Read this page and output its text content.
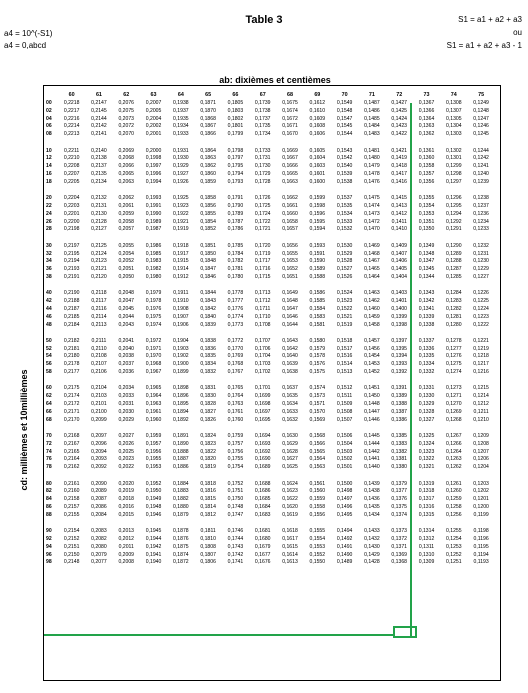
a4 = 10^(-S1)
a4 = 0,abcd
Table 3	S1 = a1 + a2 + a3
ou
S1 = a1 + a2 + a3 - 1
ab: dixièmes et centièmes
cd: millièmes et 10millièmes
60	61	62	63	64	65	66	67	68	69	70	71	72	73	74	75
00	0,2218	0,2147	0,2076	0,2007	0,1938	0,1871	0,1805	0,1739	0,1675	0,1612	0,1549	0,1487	0,1427	0,1367	0,1308	0,1249
02	0,2217	0,2145	0,2075	0,2005	0,1937	0,1870	0,1803	0,1738	0,1674	0,1610	0,1548	0,1486	0,1425	0,1366	0,1307	0,1248
04	0,2216	0,2144	0,2073	0,2004	0,1935	0,1868	0,1802	0,1737	0,1672	0,1609	0,1547	0,1485	0,1424	0,1364	0,1305	0,1247
06	0,2214	0,2142	0,2072	0,2002	0,1934	0,1867	0,1801	0,1735	0,1671	0,1608	0,1545	0,1484	0,1423	0,1363	0,1304	0,1246
08	0,2213	0,2141	0,2070	0,2001	0,1933	0,1866	0,1799	0,1734	0,1670	0,1606	0,1544	0,1483	0,1422	0,1362	0,1303	0,1245
10	0,2211	0,2140	0,2069	0,2000	0,1931	0,1864	0,1798	0,1733	0,1669	0,1605	0,1543	0,1481	0,1421	0,1361	0,1302	0,1244
12	0,2210	0,2138	0,2068	0,1998	0,1930	0,1863	0,1797	0,1731	0,1667	0,1604	0,1542	0,1480	0,1419	0,1360	0,1301	0,1242
14	0,2208	0,2137	0,2066	0,1997	0,1929	0,1862	0,1795	0,1730	0,1666	0,1603	0,1540	0,1479	0,1418	0,1358	0,1299	0,1241
16	0,2207	0,2135	0,2065	0,1996	0,1927	0,1860	0,1794	0,1729	0,1665	0,1601	0,1539	0,1478	0,1417	0,1357	0,1298	0,1240
18	0,2205	0,2134	0,2063	0,1994	0,1926	0,1859	0,1793	0,1728	0,1663	0,1600	0,1538	0,1476	0,1416	0,1356	0,1297	0,1239
20	0,2204	0,2132	0,2062	0,1993	0,1925	0,1858	0,1791	0,1726	0,1662	0,1599	0,1537	0,1475	0,1415	0,1355	0,1296	0,1238
22	0,2203	0,2131	0,2061	0,1991	0,1923	0,1856	0,1790	0,1725	0,1661	0,1598	0,1535	0,1474	0,1413	0,1354	0,1295	0,1237
24	0,2201	0,2130	0,2059	0,1990	0,1922	0,1855	0,1789	0,1724	0,1660	0,1596	0,1534	0,1473	0,1412	0,1353	0,1294	0,1236
26	0,2200	0,2128	0,2058	0,1989	0,1921	0,1854	0,1787	0,1722	0,1658	0,1595	0,1533	0,1472	0,1411	0,1351	0,1292	0,1234
28	0,2198	0,2127	0,2057	0,1987	0,1919	0,1852	0,1786	0,1721	0,1657	0,1594	0,1532	0,1470	0,1410	0,1350	0,1291	0,1233
30	0,2197	0,2125	0,2055	0,1986	0,1918	0,1851	0,1785	0,1720	0,1656	0,1593	0,1530	0,1469	0,1409	0,1349	0,1290	0,1232
32	0,2195	0,2124	0,2054	0,1985	0,1917	0,1850	0,1784	0,1719	0,1655	0,1591	0,1529	0,1468	0,1407	0,1348	0,1289	0,1231
34	0,2194	0,2123	0,2052	0,1983	0,1915	0,1848	0,1782	0,1717	0,1653	0,1590	0,1528	0,1467	0,1406	0,1347	0,1288	0,1230
36	0,2193	0,2121	0,2051	0,1982	0,1914	0,1847	0,1781	0,1716	0,1652	0,1589	0,1527	0,1465	0,1405	0,1345	0,1287	0,1229
38	0,2191	0,2120	0,2050	0,1980	0,1912	0,1846	0,1780	0,1715	0,1651	0,1588	0,1526	0,1464	0,1404	0,1344	0,1285	0,1227
40	0,2190	0,2118	0,2048	0,1979	0,1911	0,1844	0,1778	0,1713	0,1649	0,1586	0,1524	0,1463	0,1403	0,1343	0,1284	0,1226
42	0,2188	0,2117	0,2047	0,1978	0,1910	0,1843	0,1777	0,1712	0,1648	0,1585	0,1523	0,1462	0,1401	0,1342	0,1283	0,1225
44	0,2187	0,2116	0,2045	0,1976	0,1908	0,1842	0,1776	0,1711	0,1647	0,1584	0,1522	0,1460	0,1400	0,1341	0,1282	0,1224
46	0,2185	0,2114	0,2044	0,1975	0,1907	0,1840	0,1774	0,1710	0,1646	0,1583	0,1521	0,1459	0,1399	0,1339	0,1281	0,1223
48	0,2184	0,2113	0,2043	0,1974	0,1906	0,1839	0,1773	0,1708	0,1644	0,1581	0,1519	0,1458	0,1398	0,1338	0,1280	0,1222
50	0,2182	0,2111	0,2041	0,1972	0,1904	0,1838	0,1772	0,1707	0,1643	0,1580	0,1518	0,1457	0,1397	0,1337	0,1278	0,1221
52	0,2181	0,2110	0,2040	0,1971	0,1903	0,1836	0,1770	0,1706	0,1642	0,1579	0,1517	0,1456	0,1395	0,1336	0,1277	0,1219
54	0,2180	0,2108	0,2038	0,1970	0,1902	0,1835	0,1769	0,1704	0,1640	0,1578	0,1516	0,1454	0,1394	0,1335	0,1276	0,1218
56	0,2178	0,2107	0,2037	0,1968	0,1900	0,1834	0,1768	0,1703	0,1639	0,1576	0,1514	0,1453	0,1393	0,1334	0,1275	0,1217
58	0,2177	0,2106	0,2036	0,1967	0,1899	0,1832	0,1767	0,1702	0,1638	0,1575	0,1513	0,1452	0,1392	0,1332	0,1274	0,1216
60	0,2175	0,2104	0,2034	0,1965	0,1898	0,1831	0,1765	0,1701	0,1637	0,1574	0,1512	0,1451	0,1391	0,1331	0,1273	0,1215
62	0,2174	0,2103	0,2033	0,1964	0,1896	0,1830	0,1764	0,1699	0,1635	0,1573	0,1511	0,1450	0,1389	0,1330	0,1271	0,1214
64	0,2172	0,2101	0,2031	0,1963	0,1895	0,1828	0,1763	0,1698	0,1634	0,1571	0,1509	0,1448	0,1388	0,1329	0,1270	0,1212
66	0,2171	0,2100	0,2030	0,1961	0,1894	0,1827	0,1761	0,1697	0,1633	0,1570	0,1508	0,1447	0,1387	0,1328	0,1269	0,1211
68	0,2170	0,2099	0,2029	0,1960	0,1892	0,1826	0,1760	0,1695	0,1632	0,1569	0,1507	0,1446	0,1386	0,1327	0,1268	0,1210
70	0,2168	0,2097	0,2027	0,1959	0,1891	0,1824	0,1759	0,1694	0,1630	0,1568	0,1506	0,1445	0,1385	0,1325	0,1267	0,1209
72	0,2167	0,2096	0,2026	0,1957	0,1890	0,1823	0,1757	0,1693	0,1629	0,1566	0,1504	0,1444	0,1383	0,1324	0,1266	0,1208
74	0,2165	0,2094	0,2025	0,1956	0,1888	0,1822	0,1756	0,1692	0,1628	0,1565	0,1503	0,1442	0,1382	0,1323	0,1264	0,1207
76	0,2164	0,2093	0,2023	0,1955	0,1887	0,1820	0,1755	0,1690	0,1627	0,1564	0,1502	0,1441	0,1381	0,1322	0,1263	0,1206
78	0,2162	0,2092	0,2022	0,1953	0,1886	0,1819	0,1754	0,1689	0,1625	0,1563	0,1501	0,1440	0,1380	0,1321	0,1262	0,1204
80	0,2161	0,2090	0,2020	0,1952	0,1884	0,1818	0,1752	0,1688	0,1624	0,1561	0,1500	0,1439	0,1379	0,1319	0,1261	0,1203
82	0,2160	0,2089	0,2019	0,1950	0,1883	0,1816	0,1751	0,1686	0,1623	0,1560	0,1498	0,1438	0,1377	0,1318	0,1260	0,1202
84	0,2158	0,2087	0,2018	0,1949	0,1882	0,1815	0,1750	0,1685	0,1622	0,1559	0,1497	0,1436	0,1376	0,1317	0,1259	0,1201
86	0,2157	0,2086	0,2016	0,1948	0,1880	0,1814	0,1748	0,1684	0,1620	0,1558	0,1496	0,1435	0,1375	0,1316	0,1258	0,1200
88	0,2155	0,2084	0,2015	0,1946	0,1879	0,1812	0,1747	0,1683	0,1619	0,1556	0,1495	0,1434	0,1374	0,1315	0,1256	0,1199
90	0,2154	0,2083	0,2013	0,1945	0,1878	0,1811	0,1746	0,1681	0,1618	0,1555	0,1494	0,1433	0,1373	0,1314	0,1255	0,1198
92	0,2152	0,2082	0,2012	0,1944	0,1876	0,1810	0,1744	0,1680	0,1617	0,1554	0,1492	0,1432	0,1372	0,1312	0,1254	0,1196
94	0,2151	0,2080	0,2011	0,1942	0,1875	0,1808	0,1743	0,1679	0,1615	0,1553	0,1491	0,1430	0,1371	0,1311	0,1253	0,1195
96	0,2150	0,2079	0,2009	0,1941	0,1874	0,1807	0,1742	0,1677	0,1614	0,1552	0,1490	0,1429	0,1369	0,1310	0,1252	0,1194
98	0,2148	0,2077	0,2008	0,1940	0,1872	0,1806	0,1741	0,1676	0,1613	0,1550	0,1489	0,1428	0,1368	0,1309	0,1251	0,1193
